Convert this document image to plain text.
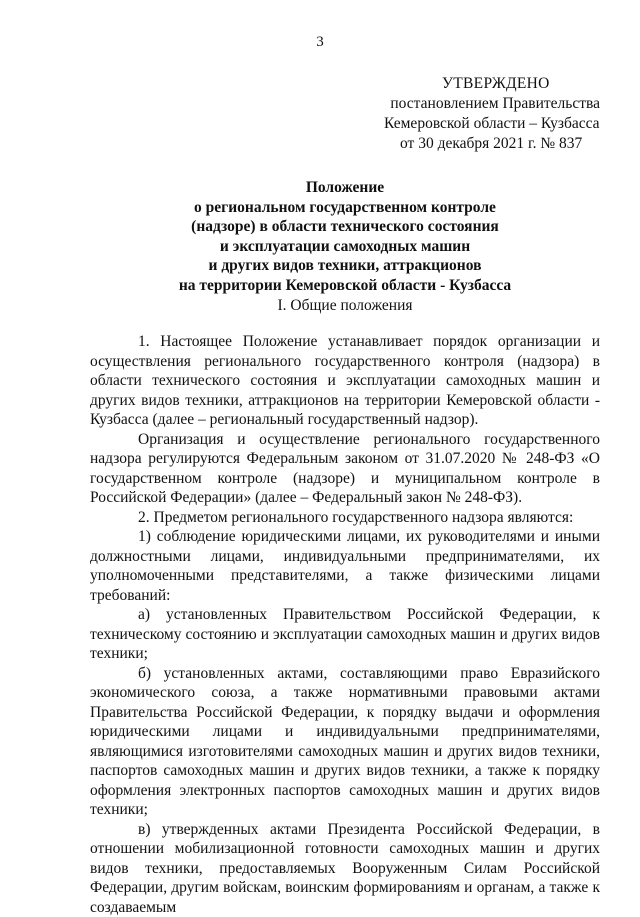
3
УТВЕРЖДЕНО
постановлением Правительства
Кемеровской области – Кузбасса
от 30 декабря 2021 г. № 837
Положение
о региональном государственном контроле
(надзоре) в области технического состояния
и эксплуатации самоходных машин
и других видов техники, аттракционов
на территории Кемеровской области - Кузбасса
I. Общие положения

1. Настоящее Положение устанавливает порядок организации и осуществления регионального государственного контроля (надзора) в области технического состояния и эксплуатации самоходных машин и других видов техники, аттракционов на территории Кемеровской области - Кузбасса (далее – региональный государственный надзор).

Организация и осуществление регионального государственного надзора регулируются Федеральным законом от 31.07.2020 № 248-ФЗ «О государственном контроле (надзоре) и муниципальном контроле в Российской Федерации» (далее – Федеральный закон № 248-ФЗ).

2. Предметом регионального государственного надзора являются:

1) соблюдение юридическими лицами, их руководителями и иными должностными лицами, индивидуальными предпринимателями, их уполномоченными представителями, а также физическими лицами требований:

а) установленных Правительством Российской Федерации, к техническому состоянию и эксплуатации самоходных машин и других видов техники;

б) установленных актами, составляющими право Евразийского экономического союза, а также нормативными правовыми актами Правительства Российской Федерации, к порядку выдачи и оформления юридическими лицами и индивидуальными предпринимателями, являющимися изготовителями самоходных машин и других видов техники, паспортов самоходных машин и других видов техники, а также к порядку оформления электронных паспортов самоходных машин и других видов техники;

в) утвержденных актами Президента Российской Федерации, в отношении мобилизационной готовности самоходных машин и других видов техники, предоставляемых Вооруженным Силам Российской Федерации, другим войскам, воинским формированиям и органам, а также к создаваемым
